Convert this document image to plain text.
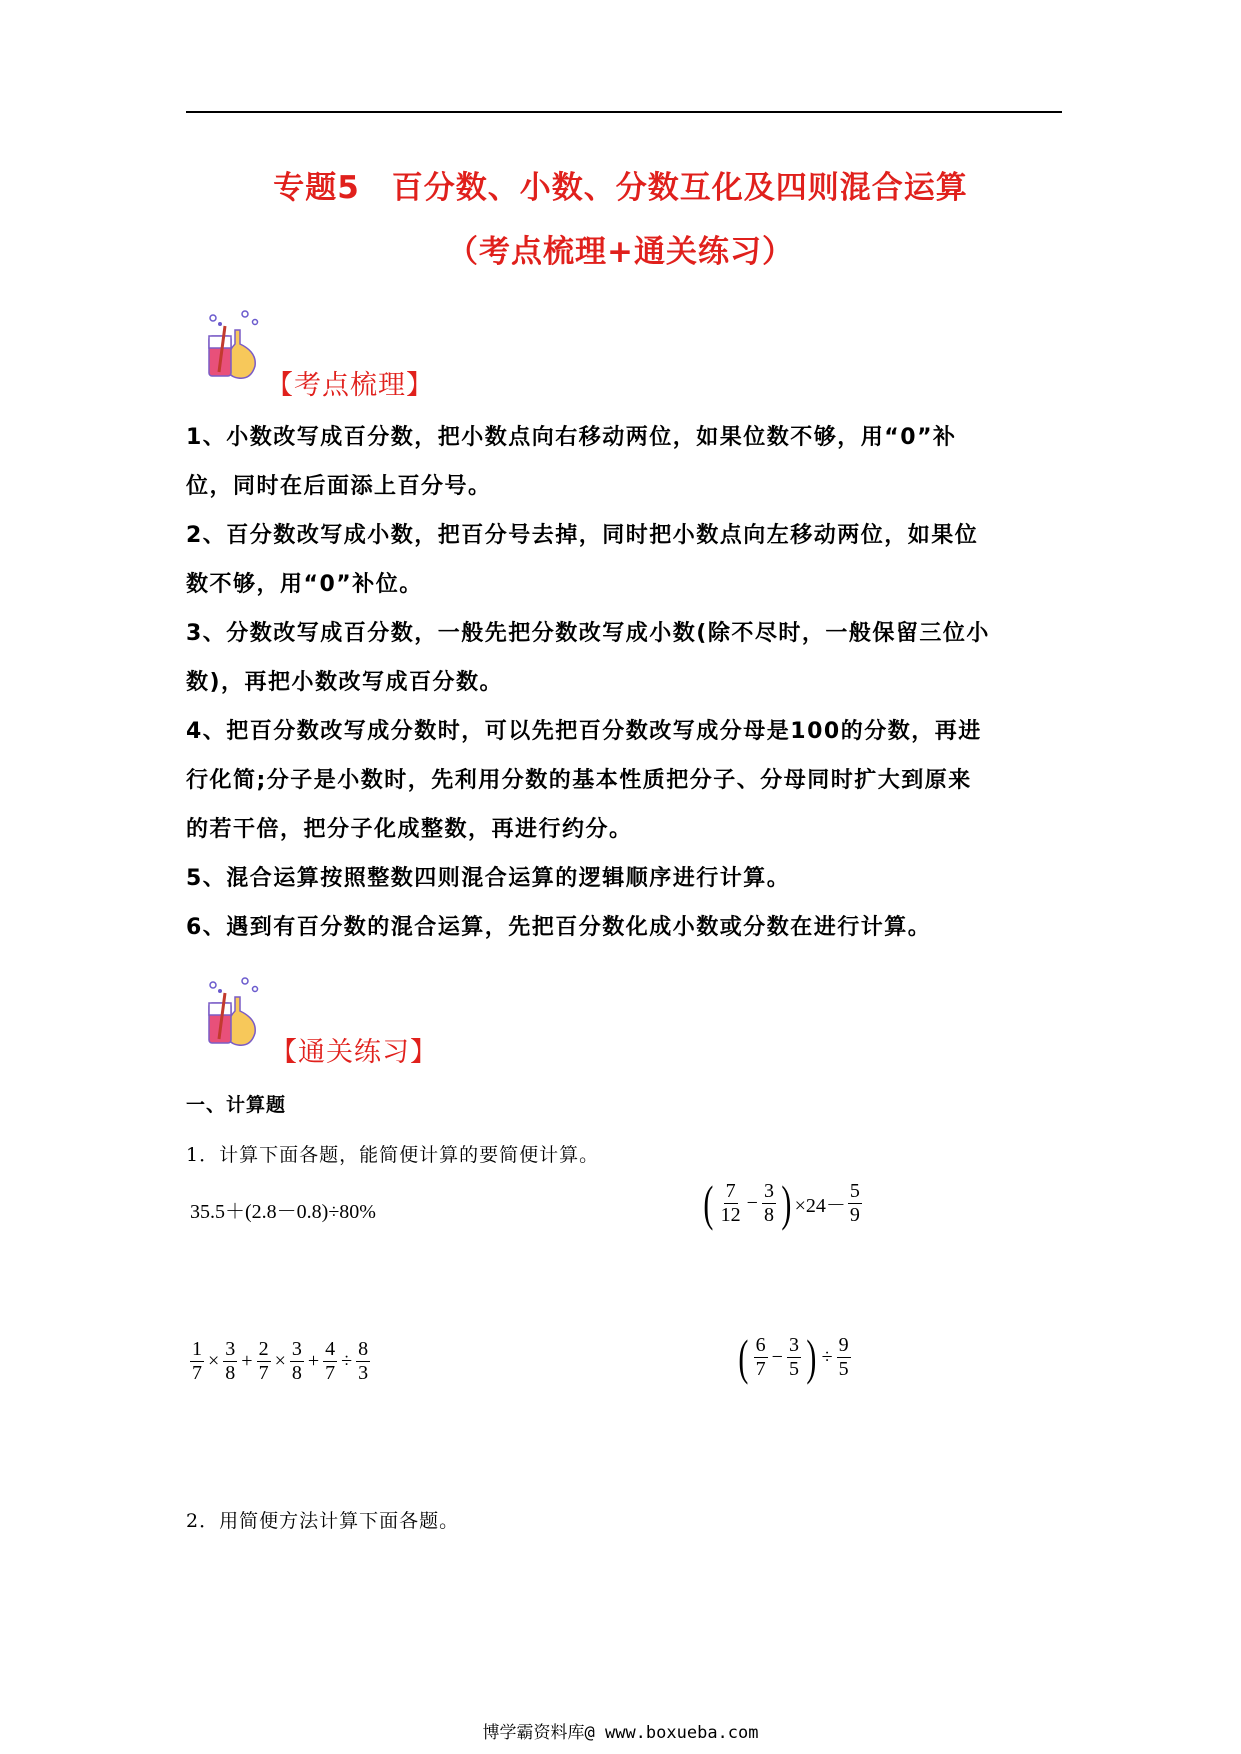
专题5　百分数、小数、分数互化及四则混合运算
（考点梳理+通关练习）
【考点梳理】
1、小数改写成百分数，把小数点向右移动两位，如果位数不够，用“0”补
位，同时在后面添上百分号。
2、百分数改写成小数，把百分号去掉，同时把小数点向左移动两位，如果位
数不够，用“0”补位。
3、分数改写成百分数，一般先把分数改写成小数(除不尽时，一般保留三位小
数)，再把小数改写成百分数。
4、把百分数改写成分数时，可以先把百分数改写成分母是100的分数，再进
行化简;分子是小数时，先利用分数的基本性质把分子、分母同时扩大到原来
的若干倍，把分子化成整数，再进行约分。
5、混合运算按照整数四则混合运算的逻辑顺序进行计算。
6、遇到有百分数的混合运算，先把百分数化成小数或分数在进行计算。
【通关练习】
一、计算题
1．计算下面各题，能简便计算的要简便计算。
35.5＋(2.8－0.8)÷80%	( $\frac{7}{12} - \frac{3}{8}$ ) $\times 24- \frac{5}{9}$
$\frac{1}{7} \times \frac{3}{8} + \frac{2}{7} \times \frac{3}{8} + \frac{4}{7} \div \frac{8}{3}$	( $\frac{6}{7} - \frac{3}{5}$ ) ÷ $\frac{9}{5}$
2．用简便方法计算下面各题。
博学霸资料库@ www.boxueba.com
